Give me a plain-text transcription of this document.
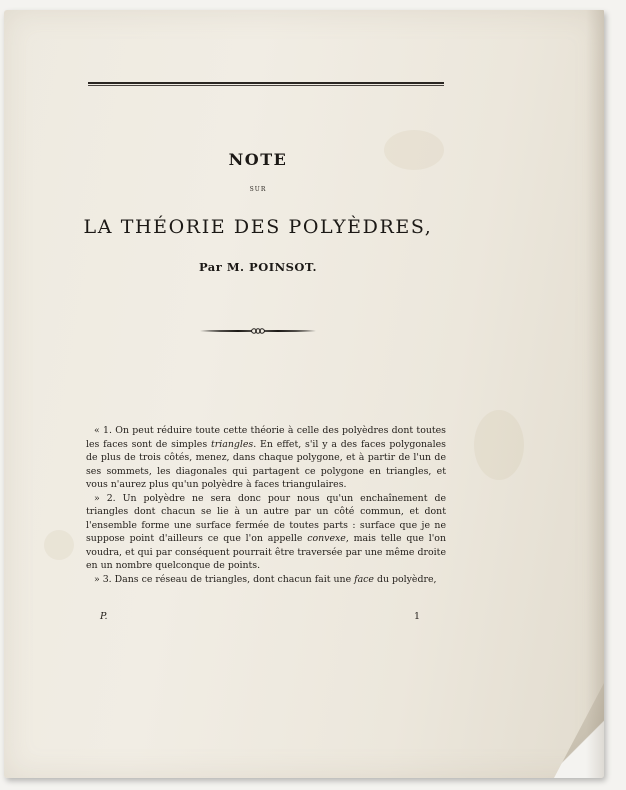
NOTE
SUR
LA THÉORIE DES POLYÈDRES,
Par M. POINSOT.

« 1. On peut réduire toute cette théorie à celle des polyèdres dont toutes les faces sont de simples triangles. En effet, s'il y a des faces polygonales de plus de trois côtés, menez, dans chaque polygone, et à partir de l'un de ses sommets, les diagonales qui partagent ce polygone en triangles, et vous n'aurez plus qu'un polyèdre à faces triangulaires.

» 2. Un polyèdre ne sera donc pour nous qu'un enchaînement de triangles dont chacun se lie à un autre par un côté commun, et dont l'ensemble forme une surface fermée de toutes parts : surface que je ne suppose point d'ailleurs ce que l'on appelle convexe, mais telle que l'on voudra, et qui par conséquent pourrait être traversée par une même droite en un nombre quelconque de points.

» 3. Dans ce réseau de triangles, dont chacun fait une face du polyèdre,

P.	1
